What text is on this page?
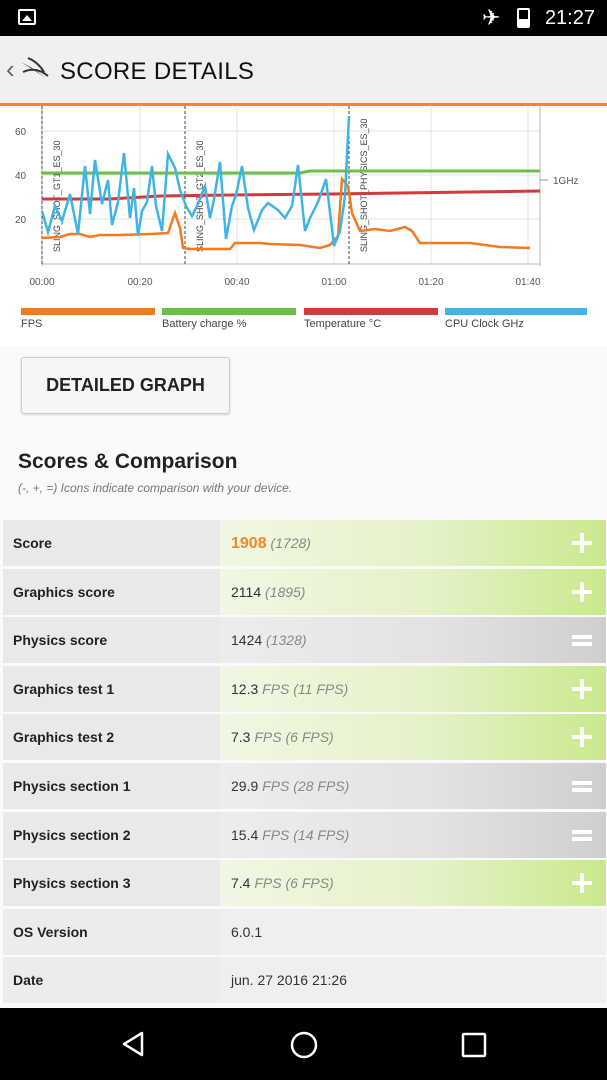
✈ 21:27
‹ SCORE DETAILS
60
40
20
1GHz
00:00	00:20	00:40	01:00	01:20	01:40
SLING_SHOT_GT1_ES_30	SLING_SHOT_GT2_ES_30	SLING_SHOT_PHYSICS_ES_30
FPS	Battery charge %	Temperature °C	CPU Clock GHz
DETAILED GRAPH
Scores & Comparison
(-, +, =) Icons indicate comparison with your device.
Score	1908 (1728)
Graphics score	2114 (1895)
Physics score	1424 (1328)
Graphics test 1	12.3 FPS (11 FPS)
Graphics test 2	7.3 FPS (6 FPS)
Physics section 1	29.9 FPS (28 FPS)
Physics section 2	15.4 FPS (14 FPS)
Physics section 3	7.4 FPS (6 FPS)
OS Version	6.0.1
Date	jun. 27 2016 21:26
